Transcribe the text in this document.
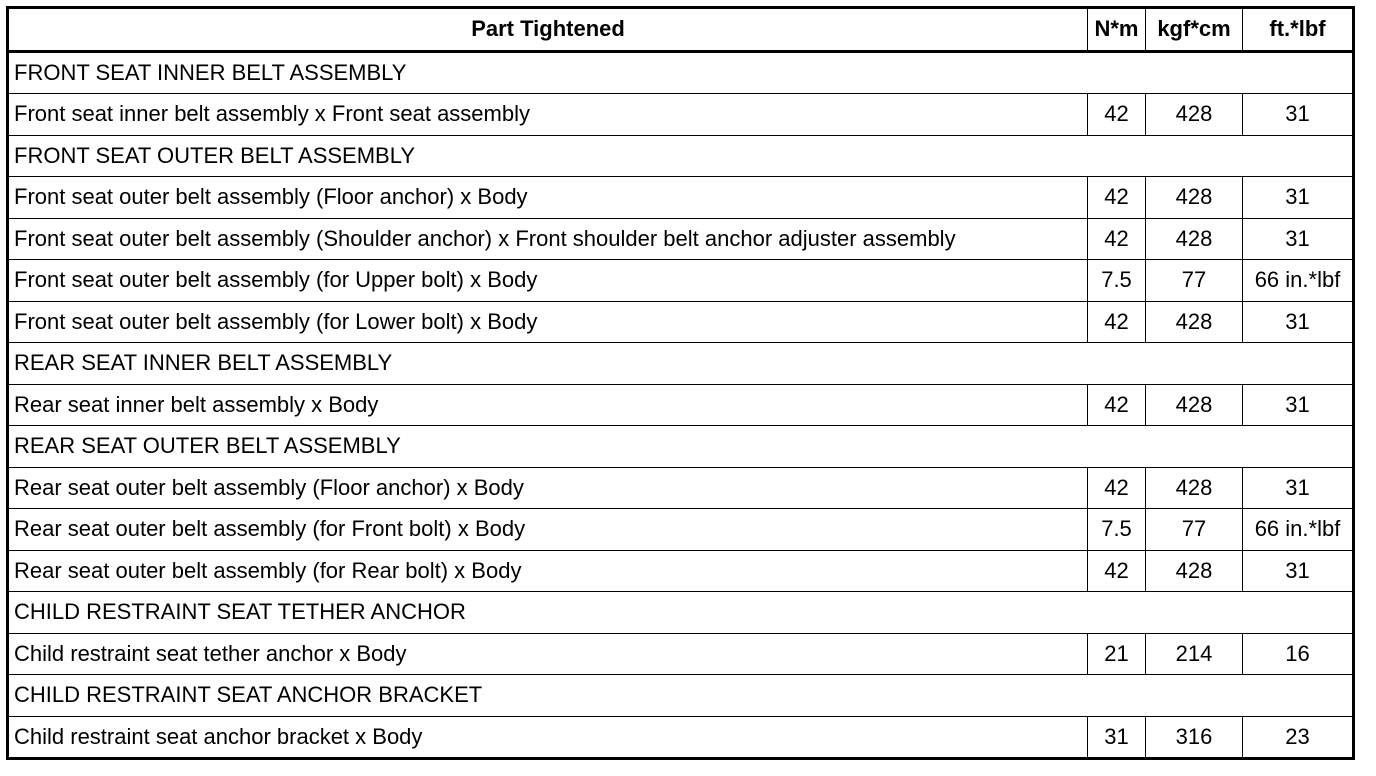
Part Tightened	N*m	kgf*cm	ft.*lbf
FRONT SEAT INNER BELT ASSEMBLY			
Front seat inner belt assembly x Front seat assembly	42	428	31
FRONT SEAT OUTER BELT ASSEMBLY			
Front seat outer belt assembly (Floor anchor) x Body	42	428	31
Front seat outer belt assembly (Shoulder anchor) x Front shoulder belt anchor adjuster assembly	42	428	31
Front seat outer belt assembly (for Upper bolt) x Body	7.5	77	66 in.*lbf
Front seat outer belt assembly (for Lower bolt) x Body	42	428	31
REAR SEAT INNER BELT ASSEMBLY			
Rear seat inner belt assembly x Body	42	428	31
REAR SEAT OUTER BELT ASSEMBLY			
Rear seat outer belt assembly (Floor anchor) x Body	42	428	31
Rear seat outer belt assembly (for Front bolt) x Body	7.5	77	66 in.*lbf
Rear seat outer belt assembly (for Rear bolt) x Body	42	428	31
CHILD RESTRAINT SEAT TETHER ANCHOR			
Child restraint seat tether anchor x Body	21	214	16
CHILD RESTRAINT SEAT ANCHOR BRACKET			
Child restraint seat anchor bracket x Body	31	316	23
